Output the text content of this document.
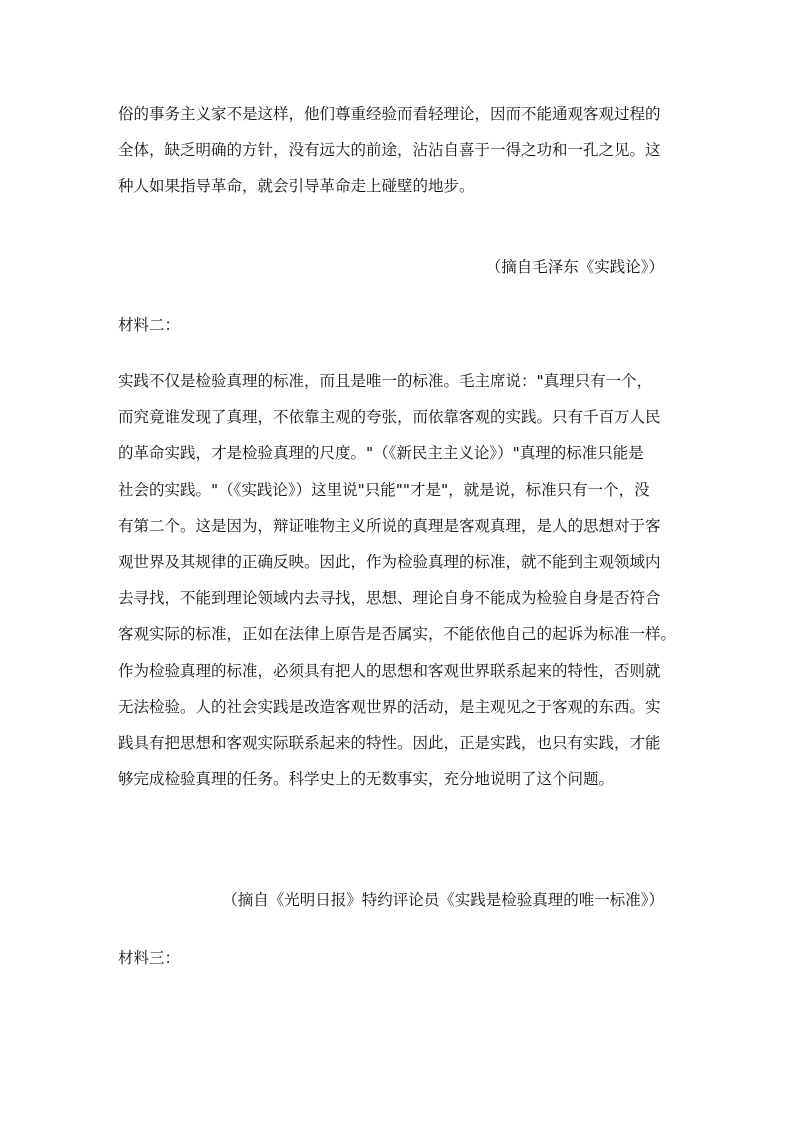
俗的事务主义家不是这样，他们尊重经验而看轻理论，因而不能通观客观过程的
全体，缺乏明确的方针，没有远大的前途，沾沾自喜于一得之功和一孔之见。这
种人如果指导革命，就会引导革命走上碰壁的地步。
（摘自毛泽东《实践论》）
材料二：
实践不仅是检验真理的标准，而且是唯一的标准。毛主席说："真理只有一个，
而究竟谁发现了真理，不依靠主观的夸张，而依靠客观的实践。只有千百万人民
的革命实践，才是检验真理的尺度。"（《新民主主义论》）"真理的标准只能是
社会的实践。"（《实践论》）这里说"只能""才是"，就是说，标准只有一个，没
有第二个。这是因为，辩证唯物主义所说的真理是客观真理，是人的思想对于客
观世界及其规律的正确反映。因此，作为检验真理的标准，就不能到主观领域内
去寻找，不能到理论领域内去寻找，思想、理论自身不能成为检验自身是否符合
客观实际的标准，正如在法律上原告是否属实，不能依他自己的起诉为标准一样。
作为检验真理的标准，必须具有把人的思想和客观世界联系起来的特性，否则就
无法检验。人的社会实践是改造客观世界的活动，是主观见之于客观的东西。实
践具有把思想和客观实际联系起来的特性。因此，正是实践，也只有实践，才能
够完成检验真理的任务。科学史上的无数事实，充分地说明了这个问题。
（摘自《光明日报》特约评论员《实践是检验真理的唯一标准》）
材料三：
